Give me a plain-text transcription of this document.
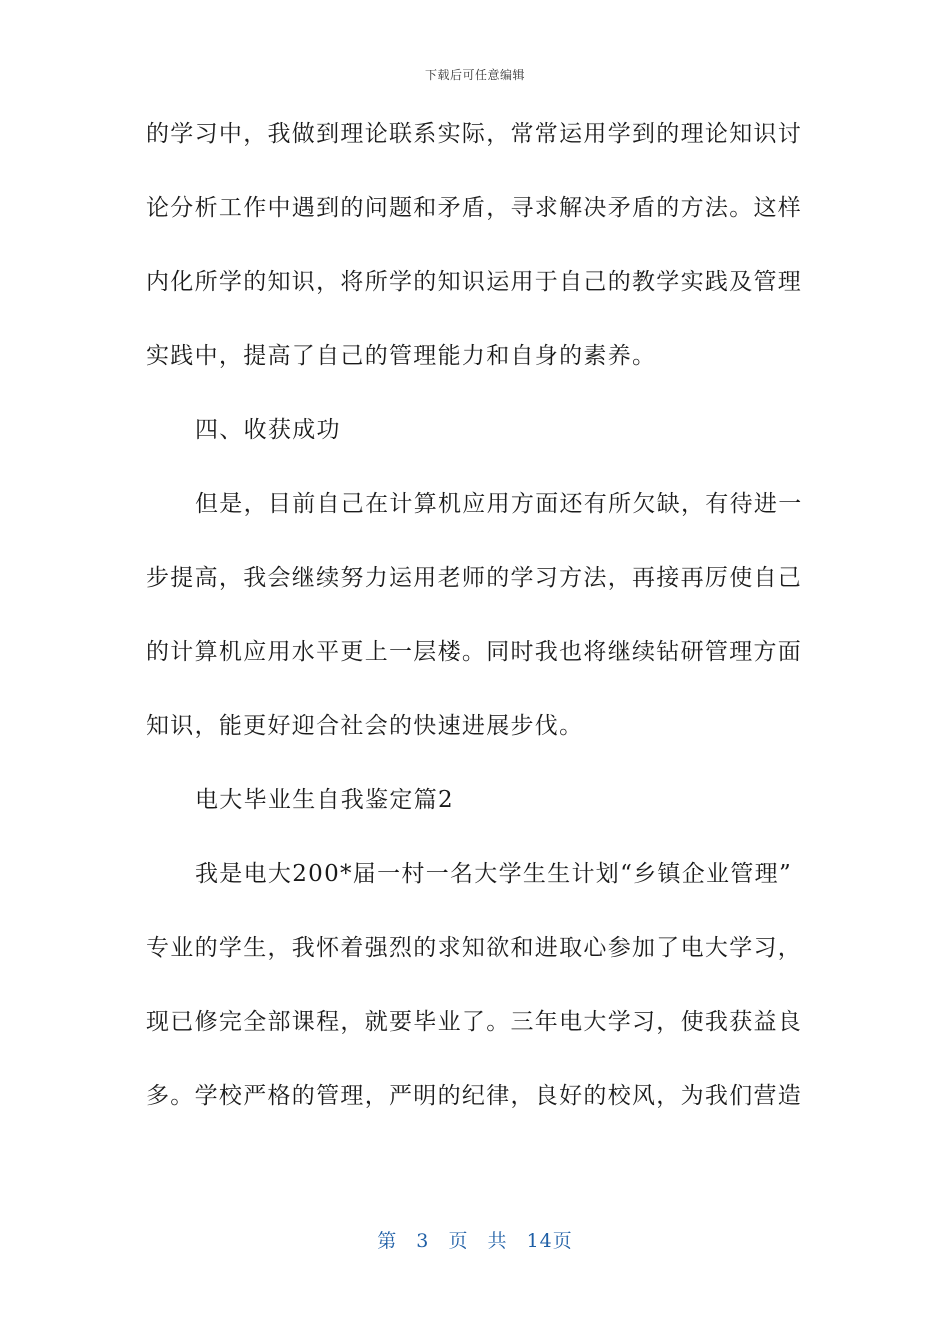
下载后可任意编辑
的学习中，我做到理论联系实际，常常运用学到的理论知识讨
论分析工作中遇到的问题和矛盾，寻求解决矛盾的方法。这样
内化所学的知识，将所学的知识运用于自己的教学实践及管理
实践中，提高了自己的管理能力和自身的素养。
四、收获成功
但是，目前自己在计算机应用方面还有所欠缺，有待进一
步提高，我会继续努力运用老师的学习方法，再接再厉使自己
的计算机应用水平更上一层楼。同时我也将继续钻研管理方面
知识，能更好迎合社会的快速进展步伐。
电大毕业生自我鉴定篇2
我是电大200*届一村一名大学生生计划“乡镇企业管理”
专业的学生，我怀着强烈的求知欲和进取心参加了电大学习，
现已修完全部课程，就要毕业了。三年电大学习，使我获益良
多。学校严格的管理，严明的纪律，良好的校风，为我们营造
第 3 页 共 14页
